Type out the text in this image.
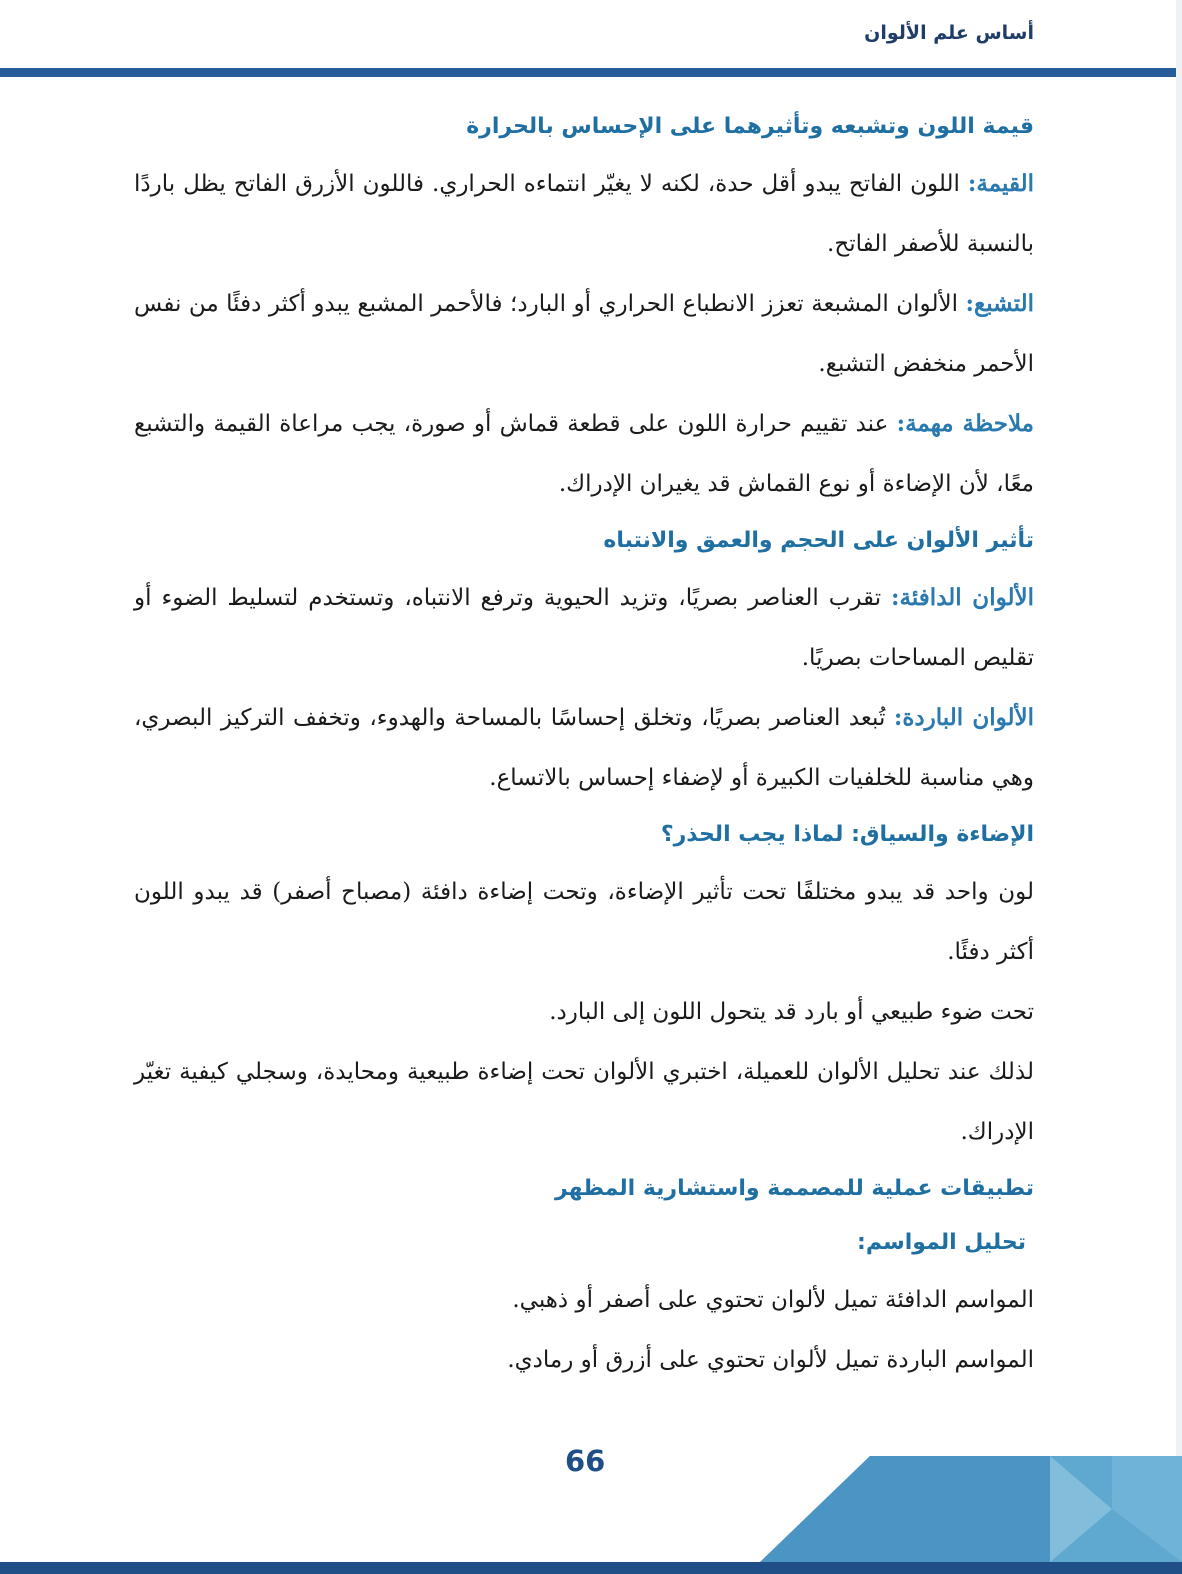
أساس علم الألوان
قيمة اللون وتشبعه وتأثيرهما على الإحساس بالحرارة

القيمة: اللون الفاتح يبدو أقل حدة، لكنه لا يغيّر انتماءه الحراري. فاللون الأزرق الفاتح يظل باردًا بالنسبة للأصفر الفاتح.

التشبع: الألوان المشبعة تعزز الانطباع الحراري أو البارد؛ فالأحمر المشبع يبدو أكثر دفئًا من نفس الأحمر منخفض التشبع.

ملاحظة مهمة: عند تقييم حرارة اللون على قطعة قماش أو صورة، يجب مراعاة القيمة والتشبع معًا، لأن الإضاءة أو نوع القماش قد يغيران الإدراك.

تأثير الألوان على الحجم والعمق والانتباه

الألوان الدافئة: تقرب العناصر بصريًا، وتزيد الحيوية وترفع الانتباه، وتستخدم لتسليط الضوء أو تقليص المساحات بصريًا.

الألوان الباردة: تُبعد العناصر بصريًا، وتخلق إحساسًا بالمساحة والهدوء، وتخفف التركيز البصري، وهي مناسبة للخلفيات الكبيرة أو لإضفاء إحساس بالاتساع.

الإضاءة والسياق: لماذا يجب الحذر؟

لون واحد قد يبدو مختلفًا تحت تأثير الإضاءة، وتحت إضاءة دافئة (مصباح أصفر) قد يبدو اللون أكثر دفئًا.

تحت ضوء طبيعي أو بارد قد يتحول اللون إلى البارد.

لذلك عند تحليل الألوان للعميلة، اختبري الألوان تحت إضاءة طبيعية ومحايدة، وسجلي كيفية تغيّر الإدراك.

تطبيقات عملية للمصممة واستشارية المظهر
تحليل المواسم:

المواسم الدافئة تميل لألوان تحتوي على أصفر أو ذهبي.

المواسم الباردة تميل لألوان تحتوي على أزرق أو رمادي.

66
